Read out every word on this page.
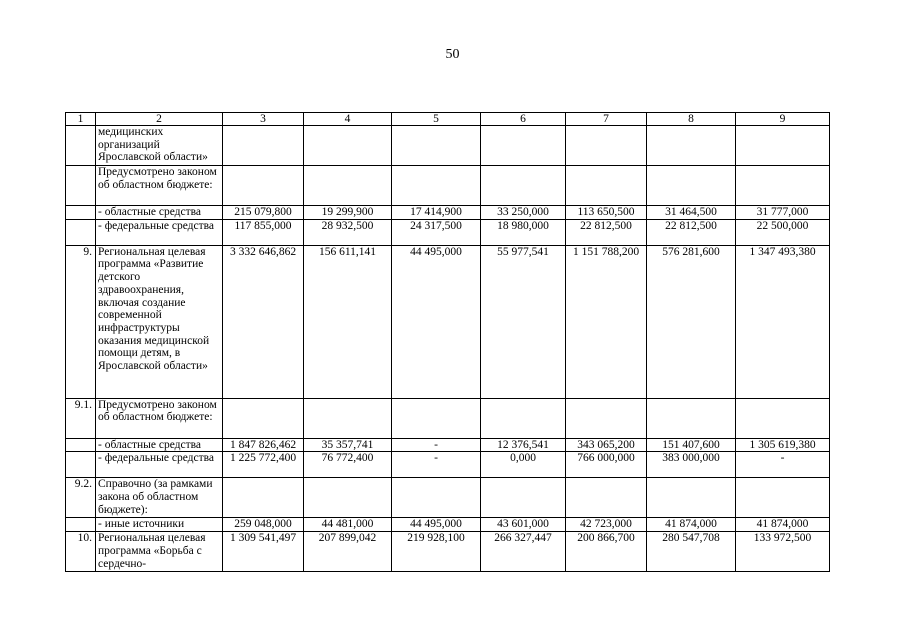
50
1	2	3	4	5	6	7	8	9
	медицинских организаций Ярославской области»							
	Предусмотрено законом об областном бюджете:							
	- областные средства	215 079,800	19 299,900	17 414,900	33 250,000	113 650,500	31 464,500	31 777,000
	- федеральные средства	117 855,000	28 932,500	24 317,500	18 980,000	22 812,500	22 812,500	22 500,000
9.	Региональная целевая программа «Развитие детского здравоохранения, включая создание современной инфраструктуры оказания медицинской помощи детям, в Ярославской области»	3 332 646,862	156 611,141	44 495,000	55 977,541	1 151 788,200	576 281,600	1 347 493,380
9.1.	Предусмотрено законом об областном бюджете:							
	- областные средства	1 847 826,462	35 357,741	-	12 376,541	343 065,200	151 407,600	1 305 619,380
	- федеральные средства	1 225 772,400	76 772,400	-	0,000	766 000,000	383 000,000	-
9.2.	Справочно (за рамками закона об областном бюджете):							
	- иные источники	259 048,000	44 481,000	44 495,000	43 601,000	42 723,000	41 874,000	41 874,000
10.	Региональная целевая программа «Борьба с сердечно-	1 309 541,497	207 899,042	219 928,100	266 327,447	200 866,700	280 547,708	133 972,500
